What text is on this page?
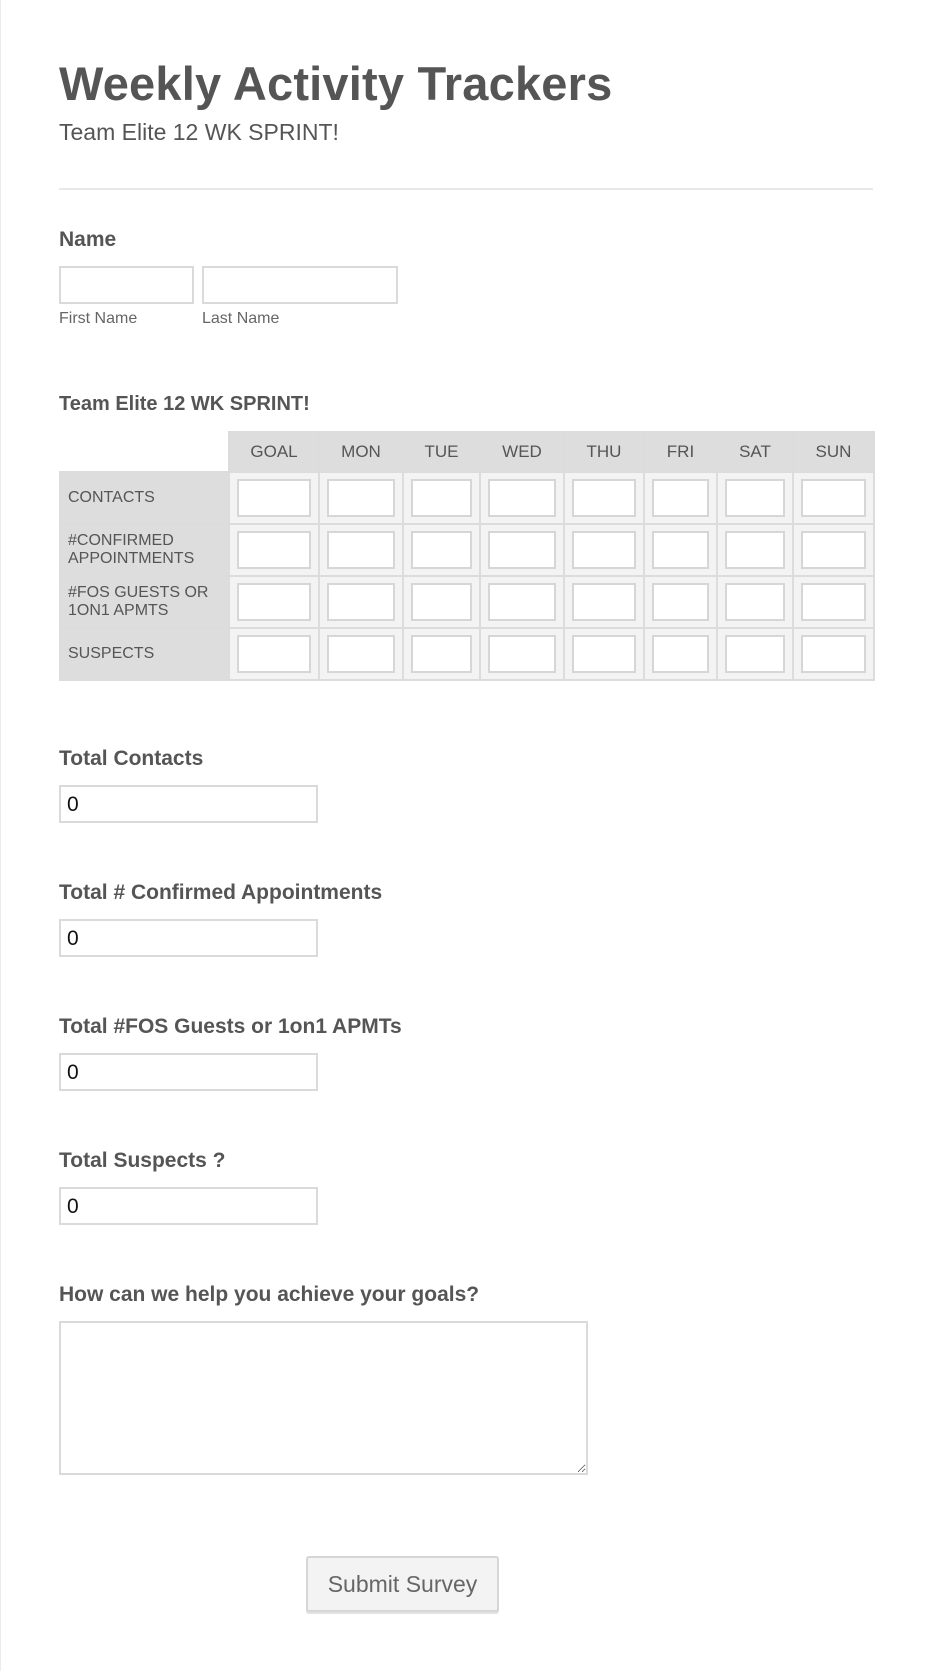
Weekly Activity Trackers
Team Elite 12 WK SPRINT!
Name
First Name	Last Name
Team Elite 12 WK SPRINT!
	GOAL	MON	TUE	WED	THU	FRI	SAT	SUN
CONTACTS	

#CONFIRMED APPOINTMENTS	

#FOS GUESTS OR 1ON1 APMTS	

SUSPECTS	

Total Contacts
0
Total # Confirmed Appointments
0
Total #FOS Guests or 1on1 APMTs
0
Total Suspects ?
0
How can we help you achieve your goals?
Submit Survey
